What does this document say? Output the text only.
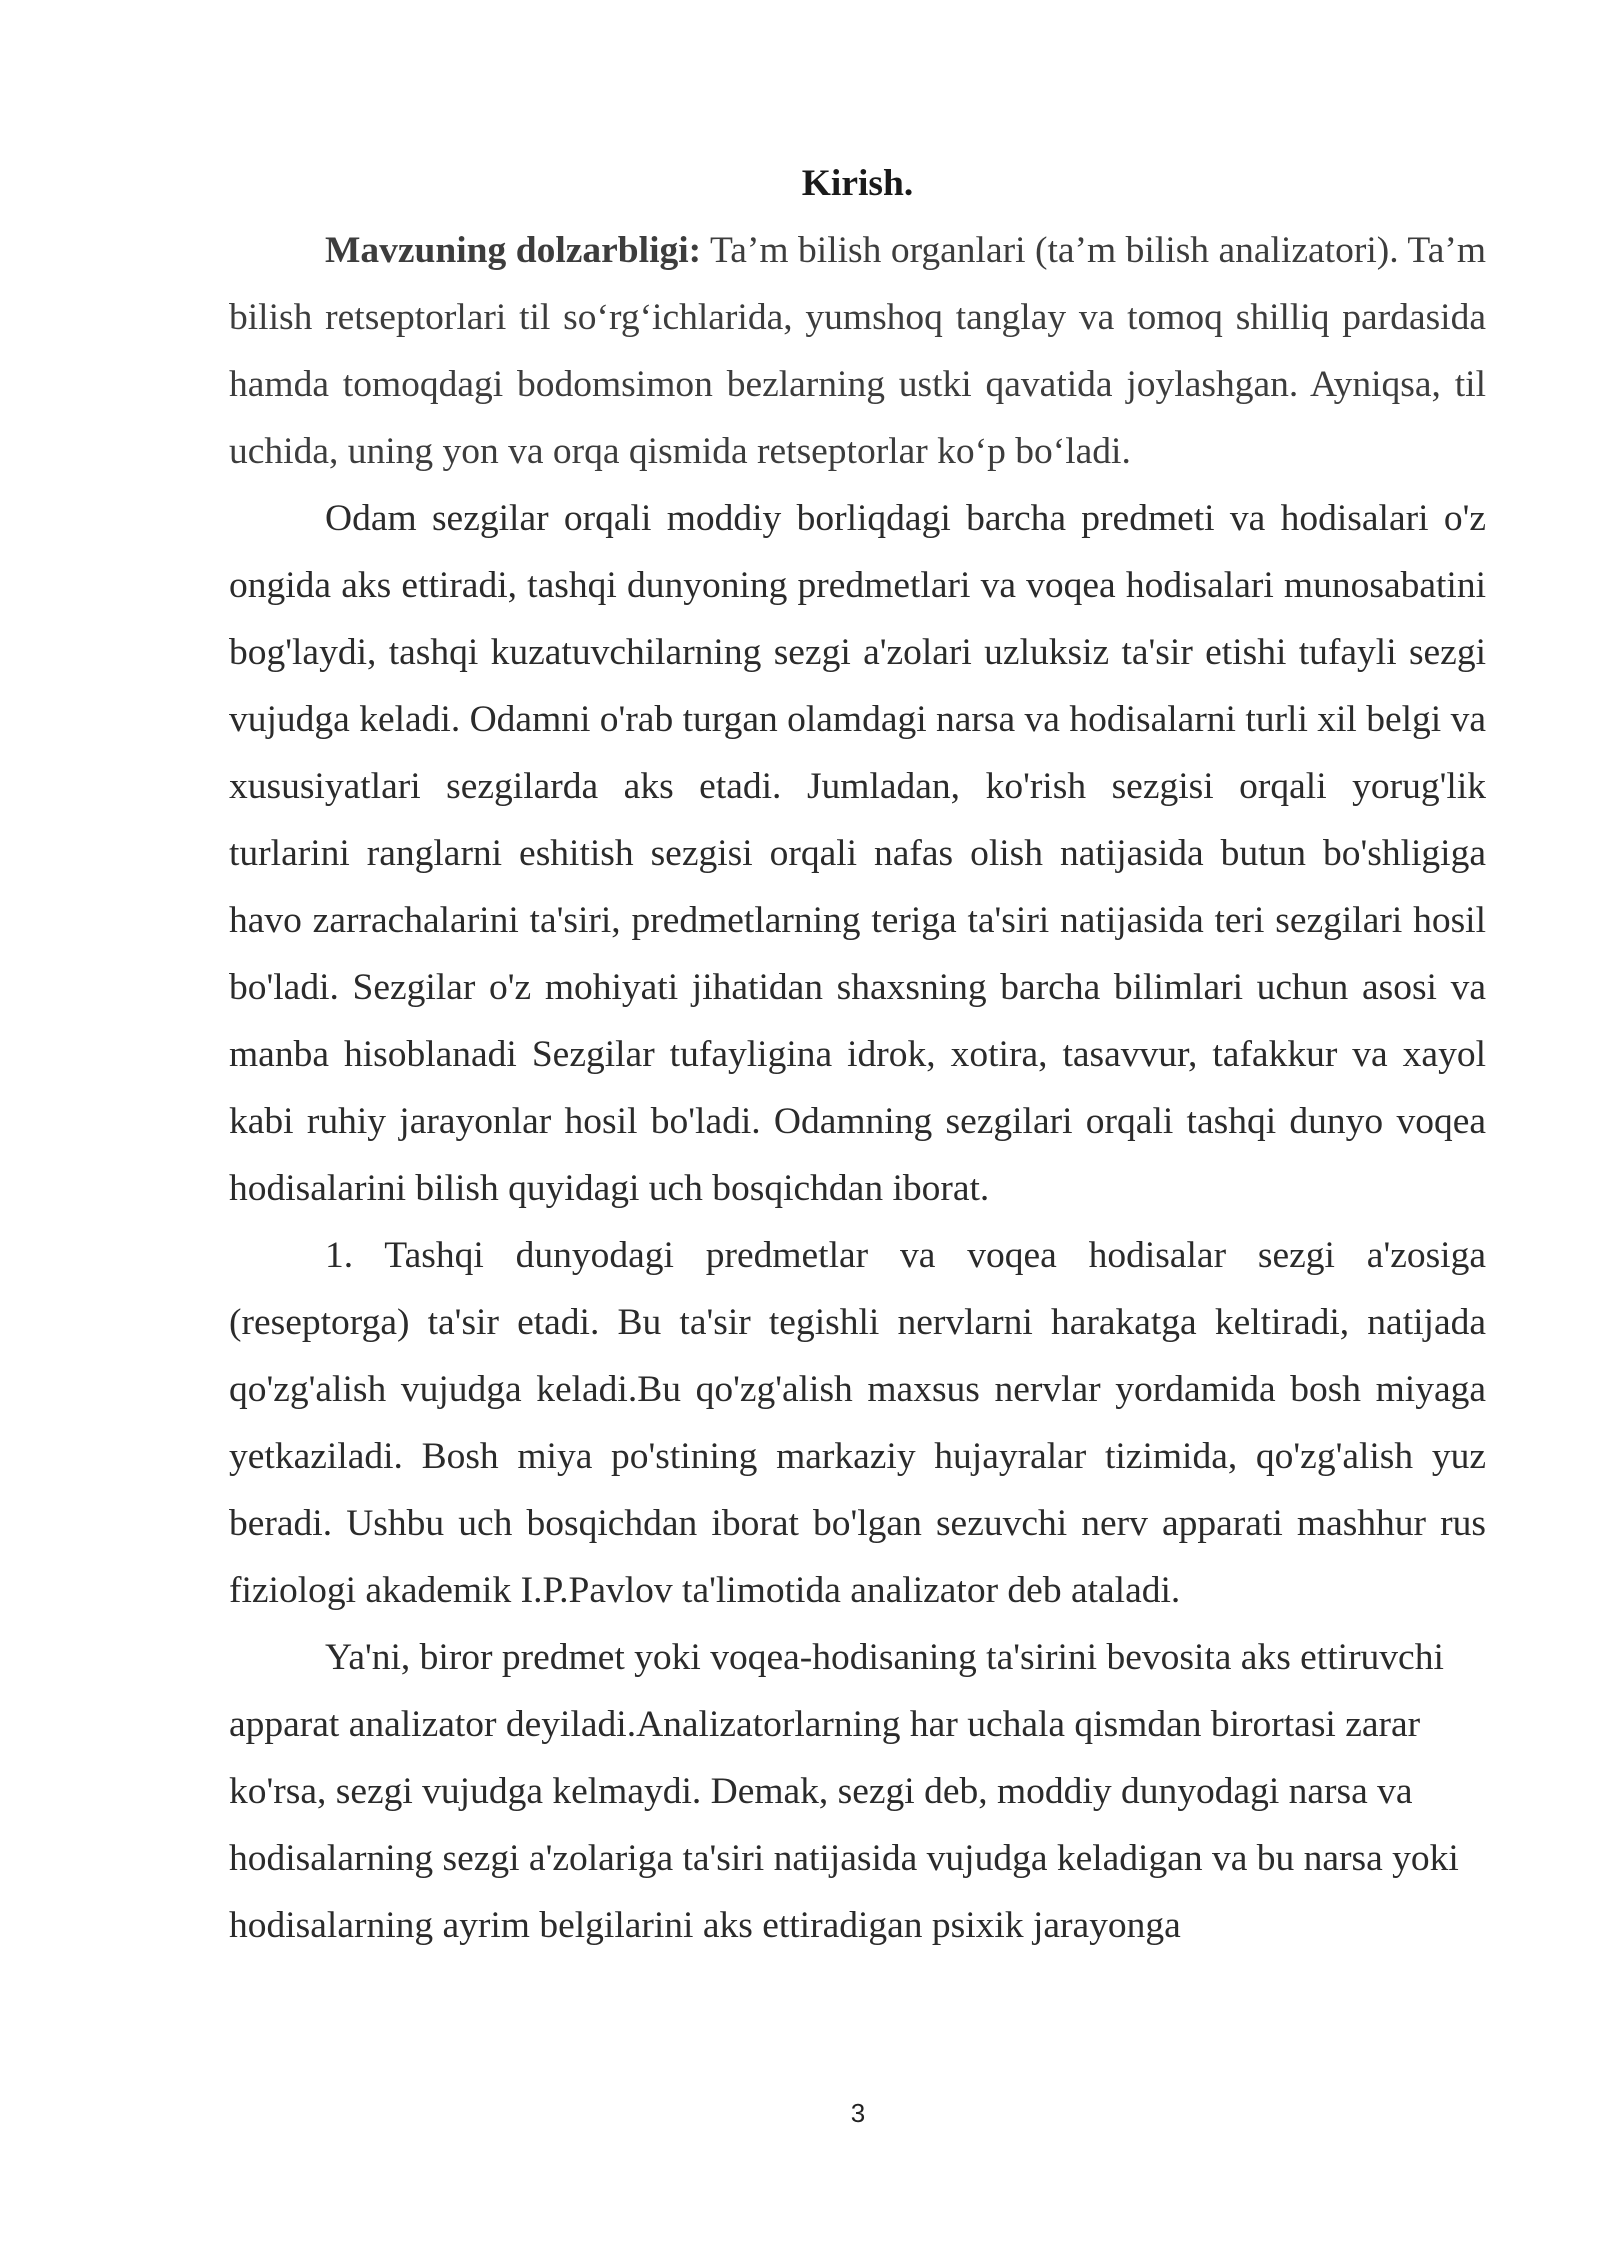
Kirish.

Mavzuning dolzarbligi: Ta’m bilish organlari (ta’m bilish analizatori). Ta’m bilish retseptorlari til so‘rg‘ichlarida, yumshoq tanglay va tomoq shilliq pardasida hamda tomoqdagi bodomsimon bezlarning ustki qavatida joylashgan. Ayniqsa, til uchida, uning yon va orqa qismida retseptorlar ko‘p bo‘ladi.

Odam sezgilar orqali moddiy borliqdagi barcha predmeti va hodisalari o'z ongida aks ettiradi, tashqi dunyoning predmetlari va voqea hodisalari munosabatini bog'laydi, tashqi kuzatuvchilarning sezgi a'zolari uzluksiz ta'sir etishi tufayli sezgi vujudga keladi. Odamni o'rab turgan olamdagi narsa va hodisalarni turli xil belgi va xususiyatlari sezgilarda aks etadi. Jumladan, ko'rish sezgisi orqali yorug'lik turlarini ranglarni eshitish sezgisi orqali nafas olish natijasida butun bo'shligiga havo zarrachalarini ta'siri, predmetlarning teriga ta'siri natijasida teri sezgilari hosil bo'ladi. Sezgilar o'z mohiyati jihatidan shaxsning barcha bilimlari uchun asosi va manba hisoblanadi Sezgilar tufayligina idrok, xotira, tasavvur, tafakkur va xayol kabi ruhiy jarayonlar hosil bo'ladi. Odamning sezgilari orqali tashqi dunyo voqea hodisalarini bilish quyidagi uch bosqichdan iborat.

1. Tashqi dunyodagi predmetlar va voqea hodisalar sezgi a'zosiga (reseptorga) ta'sir etadi. Bu ta'sir tegishli nervlarni harakatga keltiradi, natijada qo'zg'alish vujudga keladi.Bu qo'zg'alish maxsus nervlar yordamida bosh miyaga yetkaziladi. Bosh miya po'stining markaziy hujayralar tizimida, qo'zg'alish yuz beradi. Ushbu uch bosqichdan iborat bo'lgan sezuvchi nerv apparati mashhur rus fiziologi akademik I.P.Pavlov ta'limotida analizator deb ataladi.

Ya'ni, biror predmet yoki voqea-hodisaning ta'sirini bevosita aks ettiruvchi apparat analizator deyiladi.Analizatorlarning har uchala qismdan birortasi zarar ko'rsa, sezgi vujudga kelmaydi. Demak, sezgi deb, moddiy dunyodagi narsa va hodisalarning sezgi a'zolariga ta'siri natijasida vujudga keladigan va bu narsa yoki hodisalarning ayrim belgilarini aks ettiradigan psixik jarayonga

3
